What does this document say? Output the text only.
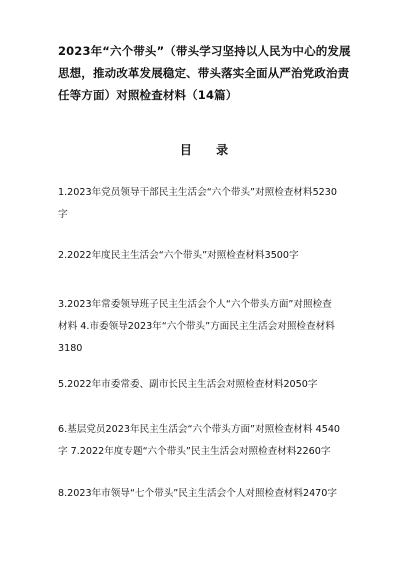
2023年“六个带头”（带头学习坚持以人民为中心的发展
思想，推动改革发展稳定、带头落实全面从严治党政治责
任等方面）对照检查材料（14篇）
目 录
1.2023年党员领导干部民主生活会“六个带头”对照检查材料5230
字
2.2022年度民主生活会“六个带头”对照检查材料3500字
3.2023年常委领导班子民主生活会个人“六个带头方面”对照检查
材料 4.市委领导2023年“六个带头”方面民主生活会对照检查材料
3180
5.2022年市委常委、副市长民主生活会对照检查材料2050字
6.基层党员2023年民主生活会“六个带头方面”对照检查材料 4540
字 7.2022年度专题“六个带头”民主生活会对照检查材料2260字
8.2023年市领导“七个带头”民主生活会个人对照检查材料2470字
